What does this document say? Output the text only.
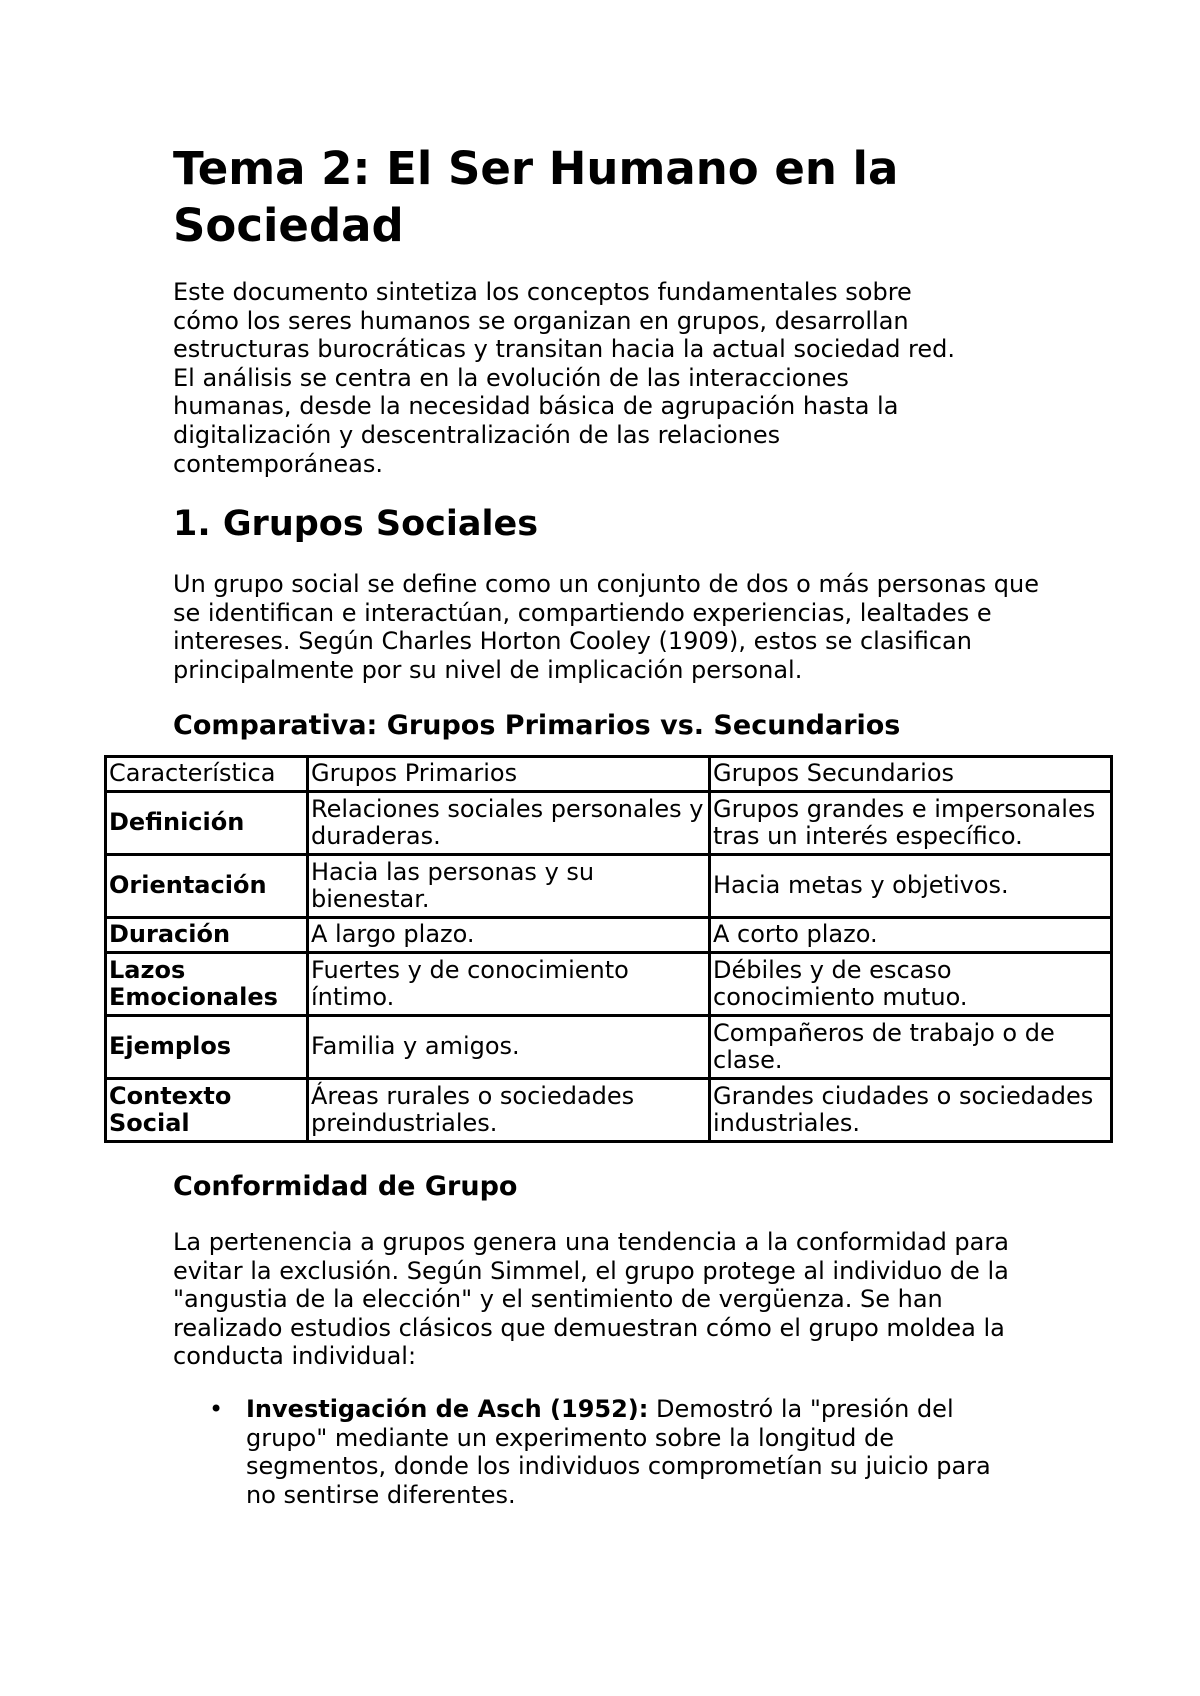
Tema 2: El Ser Humano en la Sociedad

Este documento sintetiza los conceptos fundamentales sobre cómo los seres humanos se organizan en grupos, desarrollan estructuras burocráticas y transitan hacia la actual sociedad red. El análisis se centra en la evolución de las interacciones humanas, desde la necesidad básica de agrupación hasta la digitalización y descentralización de las relaciones contemporáneas.

1. Grupos Sociales

Un grupo social se define como un conjunto de dos o más personas que se identifican e interactúan, compartiendo experiencias, lealtades e intereses. Según Charles Horton Cooley (1909), estos se clasifican principalmente por su nivel de implicación personal.

Comparativa: Grupos Primarios vs. Secundarios
Característica	Grupos Primarios	Grupos Secundarios
Definición	Relaciones sociales personales y duraderas.	Grupos grandes e impersonales tras un interés específico.
Orientación	Hacia las personas y su bienestar.	Hacia metas y objetivos.
Duración	A largo plazo.	A corto plazo.
Lazos Emocionales	Fuertes y de conocimiento íntimo.	Débiles y de escaso conocimiento mutuo.
Ejemplos	Familia y amigos.	Compañeros de trabajo o de clase.
Contexto Social	Áreas rurales o sociedades preindustriales.	Grandes ciudades o sociedades industriales.
Conformidad de Grupo

La pertenencia a grupos genera una tendencia a la conformidad para evitar la exclusión. Según Simmel, el grupo protege al individuo de la "angustia de la elección" y el sentimiento de vergüenza. Se han realizado estudios clásicos que demuestran cómo el grupo moldea la conducta individual:

• Investigación de Asch (1952): Demostró la "presión del grupo" mediante un experimento sobre la longitud de segmentos, donde los individuos comprometían su juicio para no sentirse diferentes.
